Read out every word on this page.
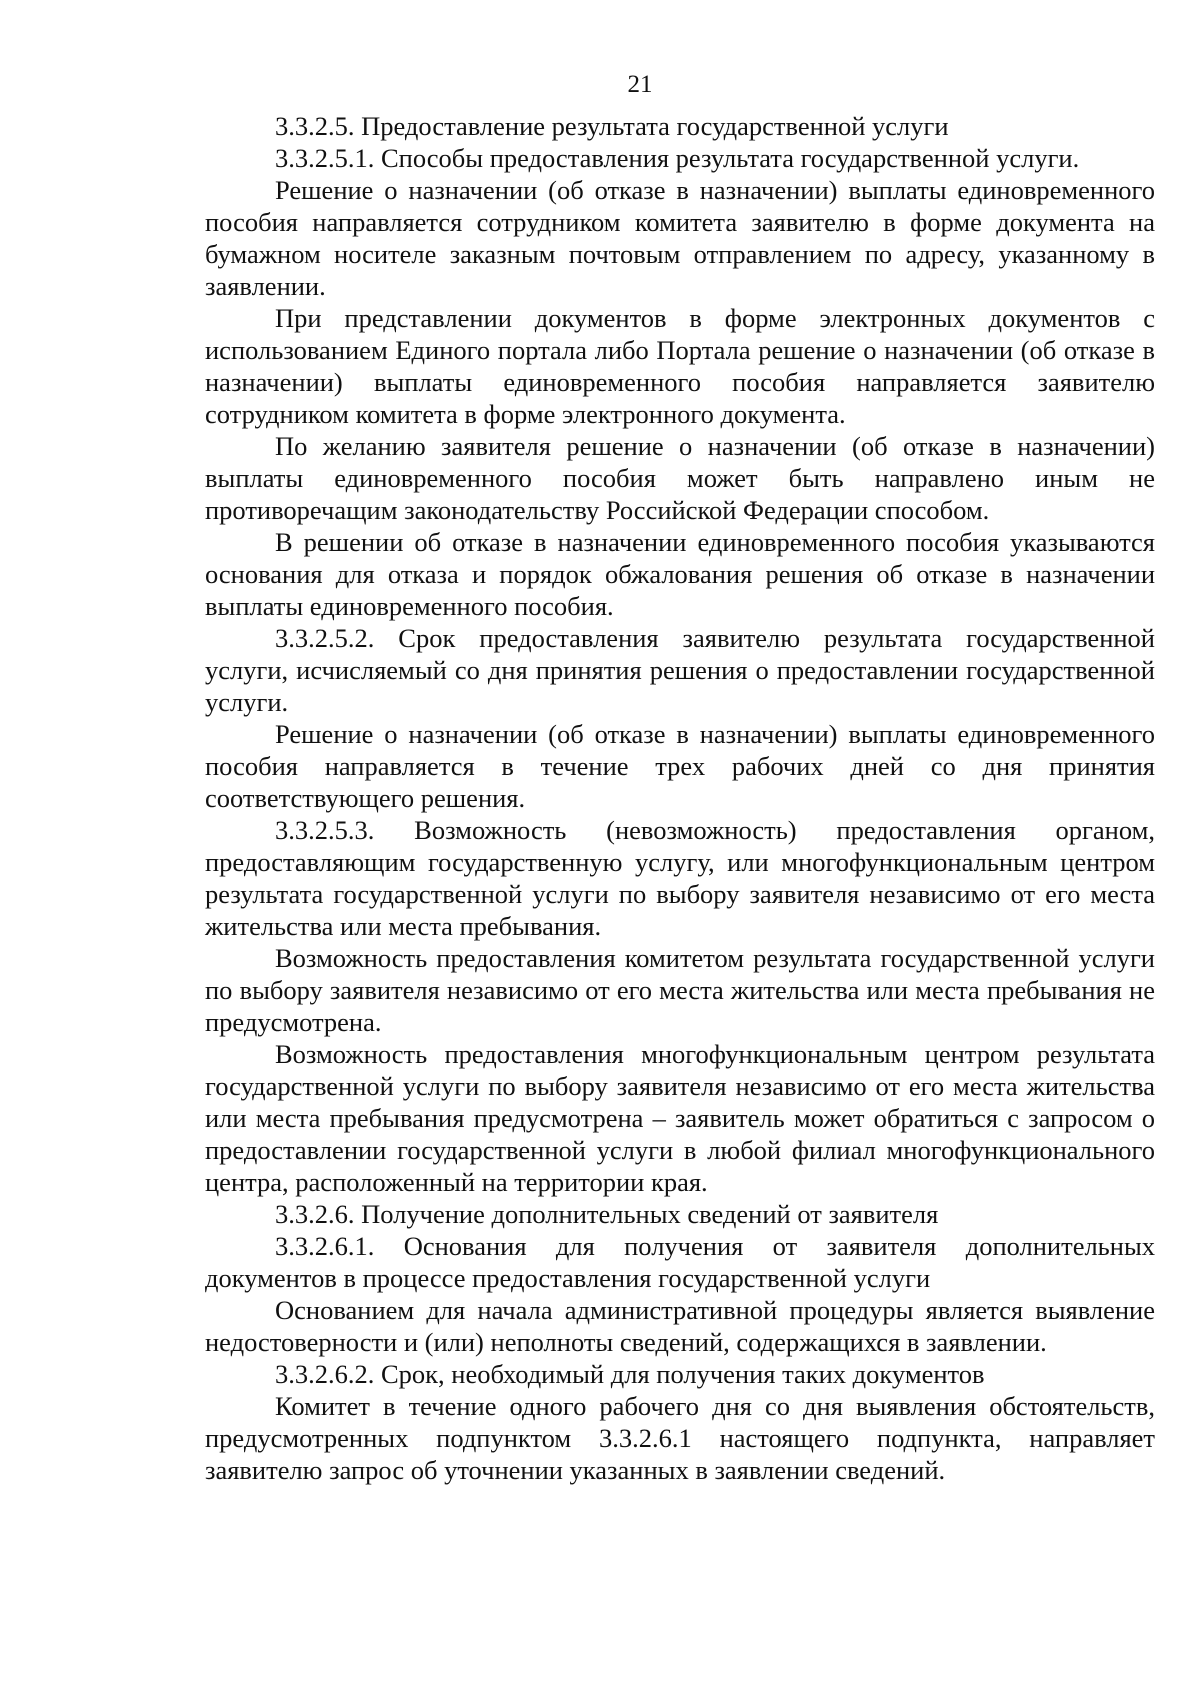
21

3.3.2.5. Предоставление результата государственной услуги

3.3.2.5.1. Способы предоставления результата государственной услуги.

Решение о назначении (об отказе в назначении) выплаты единовременного пособия направляется сотрудником комитета заявителю в форме документа на бумажном носителе заказным почтовым отправлением по адресу, указанному в заявлении.

При представлении документов в форме электронных документов с использованием Единого портала либо Портала решение о назначении (об отказе в назначении) выплаты единовременного пособия направляется заявителю сотрудником комитета в форме электронного документа.

По желанию заявителя решение о назначении (об отказе в назначении) выплаты единовременного пособия может быть направлено иным не противоречащим законодательству Российской Федерации способом.

В решении об отказе в назначении единовременного пособия указываются основания для отказа и порядок обжалования решения об отказе в назначении выплаты единовременного пособия.

3.3.2.5.2. Срок предоставления заявителю результата государственной услуги, исчисляемый со дня принятия решения о предоставлении государственной услуги.

Решение о назначении (об отказе в назначении) выплаты единовременного пособия направляется в течение трех рабочих дней со дня принятия соответствующего решения.

3.3.2.5.3. Возможность (невозможность) предоставления органом, предоставляющим государственную услугу, или многофункциональным центром результата государственной услуги по выбору заявителя независимо от его места жительства или места пребывания.

Возможность предоставления комитетом результата государственной услуги по выбору заявителя независимо от его места жительства или места пребывания не предусмотрена.

Возможность предоставления многофункциональным центром результата государственной услуги по выбору заявителя независимо от его места жительства или места пребывания предусмотрена – заявитель может обратиться с запросом о предоставлении государственной услуги в любой филиал многофункционального центра, расположенный на территории края.

3.3.2.6. Получение дополнительных сведений от заявителя

3.3.2.6.1. Основания для получения от заявителя дополнительных документов в процессе предоставления государственной услуги

Основанием для начала административной процедуры является выявление недостоверности и (или) неполноты сведений, содержащихся в заявлении.

3.3.2.6.2. Срок, необходимый для получения таких документов

Комитет в течение одного рабочего дня со дня выявления обстоятельств, предусмотренных подпунктом 3.3.2.6.1 настоящего подпункта, направляет заявителю запрос об уточнении указанных в заявлении сведений.
